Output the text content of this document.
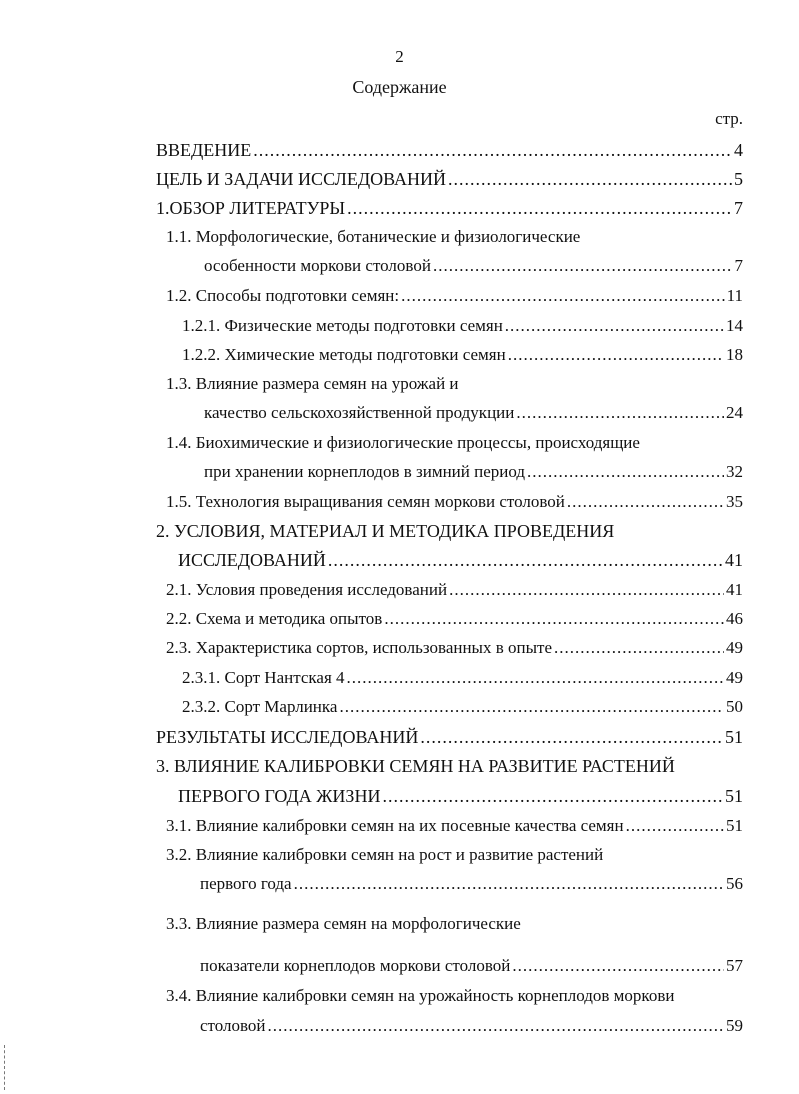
2
Содержание
стр.
ВВЕДЕНИЕ .....	4
ЦЕЛЬ И ЗАДАЧИ ИССЛЕДОВАНИЙ .....	5
1.ОБЗОР ЛИТЕРАТУРЫ .....	7
1.1. Морфологические, ботанические и физиологические
особенности моркови столовой .....	7
1.2. Способы подготовки семян: .....	11
1.2.1. Физические методы подготовки семян .....	14
1.2.2. Химические методы подготовки семян .....	18
1.3. Влияние размера семян на урожай и
качество сельскохозяйственной продукции .....	24
1.4. Биохимические и физиологические процессы, происходящие
при хранении корнеплодов в зимний период .....	32
1.5. Технология выращивания семян моркови столовой .....	35
2. УСЛОВИЯ, МАТЕРИАЛ И МЕТОДИКА ПРОВЕДЕНИЯ
ИССЛЕДОВАНИЙ .....	41
2.1. Условия проведения исследований .....	41
2.2. Схема и методика опытов .....	46
2.3. Характеристика сортов, использованных в опыте .....	49
2.3.1. Сорт Нантская 4 .....	49
2.3.2. Сорт Марлинка .....	50
РЕЗУЛЬТАТЫ ИССЛЕДОВАНИЙ .....	51
3. ВЛИЯНИЕ КАЛИБРОВКИ СЕМЯН НА РАЗВИТИЕ РАСТЕНИЙ
ПЕРВОГО ГОДА ЖИЗНИ .....	51
3.1. Влияние калибровки семян на их посевные качества семян .....	51
3.2. Влияние калибровки семян на рост и развитие растений
первого года .....	56
3.3. Влияние размера семян на морфологические
показатели корнеплодов моркови столовой .....	57
3.4. Влияние калибровки семян на урожайность корнеплодов моркови
столовой .....	59
